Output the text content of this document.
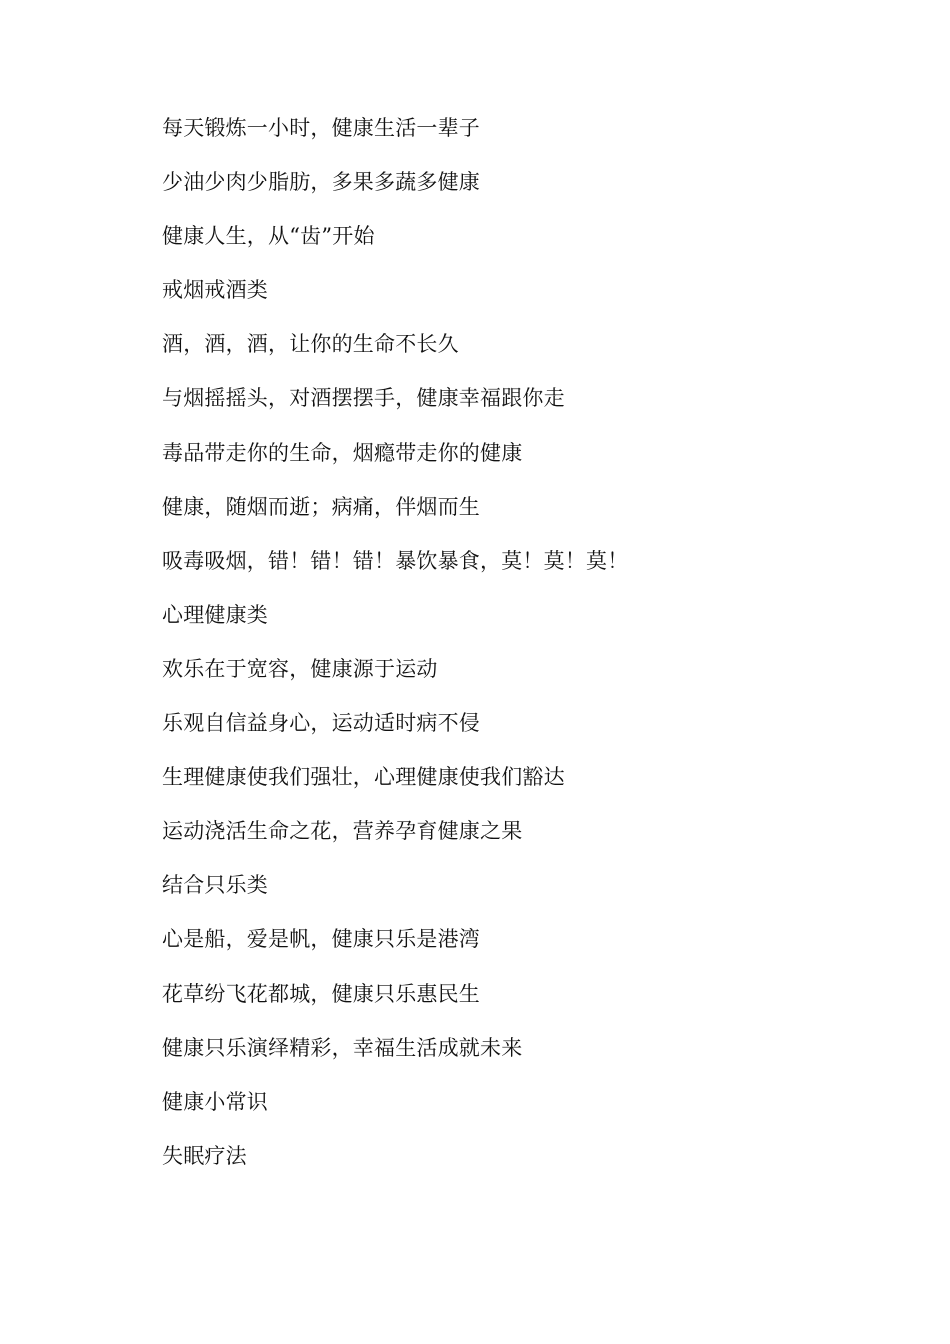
每天锻炼一小时，健康生活一辈子
少油少肉少脂肪，多果多蔬多健康
健康人生，从“齿”开始
戒烟戒酒类
酒，酒，酒，让你的生命不长久
与烟摇摇头，对酒摆摆手，健康幸福跟你走
毒品带走你的生命，烟瘾带走你的健康
健康，随烟而逝；病痛，伴烟而生
吸毒吸烟，错！错！错！暴饮暴食，莫！莫！莫！
心理健康类
欢乐在于宽容，健康源于运动
乐观自信益身心，运动适时病不侵
生理健康使我们强壮，心理健康使我们豁达
运动浇活生命之花，营养孕育健康之果
结合只乐类
心是船，爱是帆，健康只乐是港湾
花草纷飞花都城，健康只乐惠民生
健康只乐演绎精彩，幸福生活成就未来
健康小常识
失眠疗法
